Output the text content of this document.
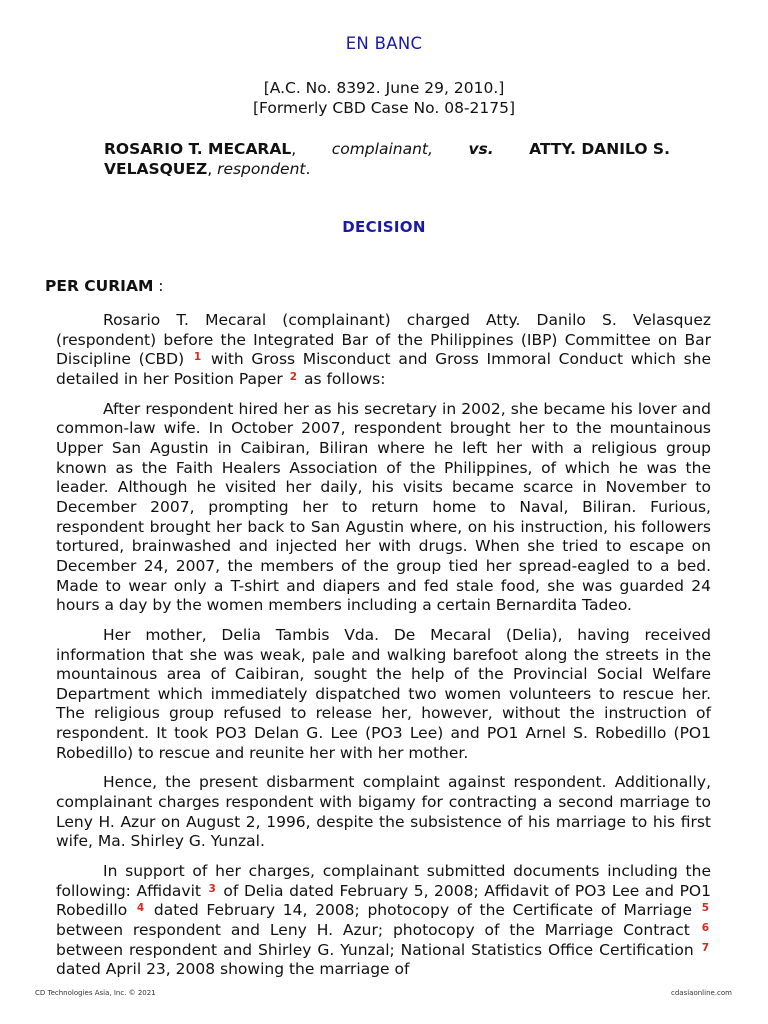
EN BANC
[A.C. No. 8392. June 29, 2010.]
[Formerly CBD Case No. 08-2175]
ROSARIO T. MECARAL, complainant, vs. ATTY. DANILO S.
VELASQUEZ, respondent.
DECISION
PER CURIAM :

Rosario T. Mecaral (complainant) charged Atty. Danilo S. Velasquez (respondent) before the Integrated Bar of the Philippines (IBP) Committee on Bar Discipline (CBD) $^1$ with Gross Misconduct and Gross Immoral Conduct which she detailed in her Position Paper $^2$ as follows:

After respondent hired her as his secretary in 2002, she became his lover and common-law wife. In October 2007, respondent brought her to the mountainous Upper San Agustin in Caibiran, Biliran where he left her with a religious group known as the Faith Healers Association of the Philippines, of which he was the leader. Although he visited her daily, his visits became scarce in November to December 2007, prompting her to return home to Naval, Biliran. Furious, respondent brought her back to San Agustin where, on his instruction, his followers tortured, brainwashed and injected her with drugs. When she tried to escape on December 24, 2007, the members of the group tied her spread-eagled to a bed. Made to wear only a T-shirt and diapers and fed stale food, she was guarded 24 hours a day by the women members including a certain Bernardita Tadeo.

Her mother, Delia Tambis Vda. De Mecaral (Delia), having received information that she was weak, pale and walking barefoot along the streets in the mountainous area of Caibiran, sought the help of the Provincial Social Welfare Department which immediately dispatched two women volunteers to rescue her. The religious group refused to release her, however, without the instruction of respondent. It took PO3 Delan G. Lee (PO3 Lee) and PO1 Arnel S. Robedillo (PO1 Robedillo) to rescue and reunite her with her mother.

Hence, the present disbarment complaint against respondent. Additionally, complainant charges respondent with bigamy for contracting a second marriage to Leny H. Azur on August 2, 1996, despite the subsistence of his marriage to his first wife, Ma. Shirley G. Yunzal.

In support of her charges, complainant submitted documents including the following: Affidavit $^3$ of Delia dated February 5, 2008; Affidavit of PO3 Lee and PO1 Robedillo $^4$ dated February 14, 2008; photocopy of the Certificate of Marriage $^5$ between respondent and Leny H. Azur; photocopy of the Marriage Contract $^6$ between respondent and Shirley G. Yunzal; National Statistics Office Certification $^7$ dated April 23, 2008 showing the marriage of

CD Technologies Asia, Inc. © 2021	cdasiaonline.com
